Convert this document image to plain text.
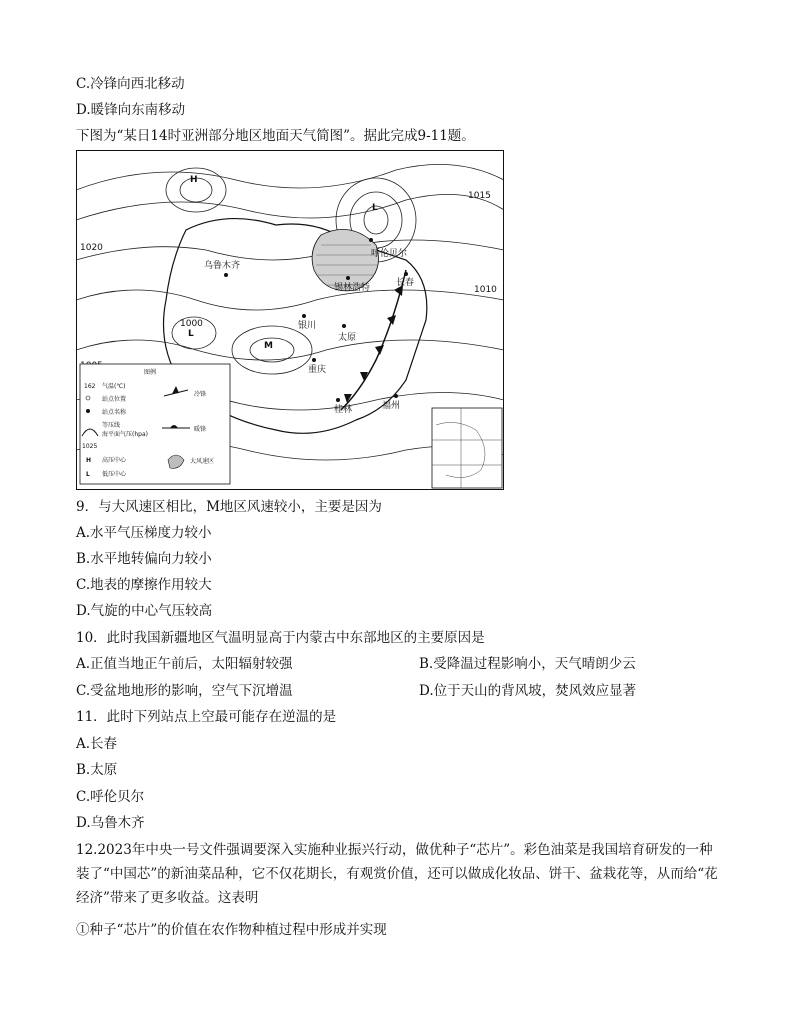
C.冷锋向西北移动
D.暖锋向东南移动
下图为“某日14时亚洲部分地区地面天气简图”。据此完成9-11题。
H
L
L
M
乌鲁木齐
呼伦贝尔
锡林浩特	长春
太原
银川
重庆
桂林	福州
1020
1015
1010
1000
图例
162 气温(℃)
站点位置
站点名称
等压线
海平面气压(hpa)
1025
H 高压中心
L 低压中心
冷锋
暖锋
大风速区
9．与大风速区相比，M地区风速较小，主要是因为
A.水平气压梯度力较小
B.水平地转偏向力较小
C.地表的摩擦作用较大
D.气旋的中心气压较高
10．此时我国新疆地区气温明显高于内蒙古中东部地区的主要原因是
A.正值当地正午前后，太阳辐射较强	B.受降温过程影响小，天气晴朗少云
C.受盆地地形的影响，空气下沉增温	D.位于天山的背风坡，焚风效应显著
11．此时下列站点上空最可能存在逆温的是
A.长春
B.太原
C.呼伦贝尔
D.乌鲁木齐
12.2023年中央一号文件强调要深入实施种业振兴行动，做优种子“芯片”。彩色油菜是我国培育研发的一种装了“中国芯”的新油菜品种，它不仅花期长，有观赏价值，还可以做成化妆品、饼干、盆栽花等，从而给“花经济”带来了更多收益。这表明
①种子“芯片”的价值在农作物种植过程中形成并实现
